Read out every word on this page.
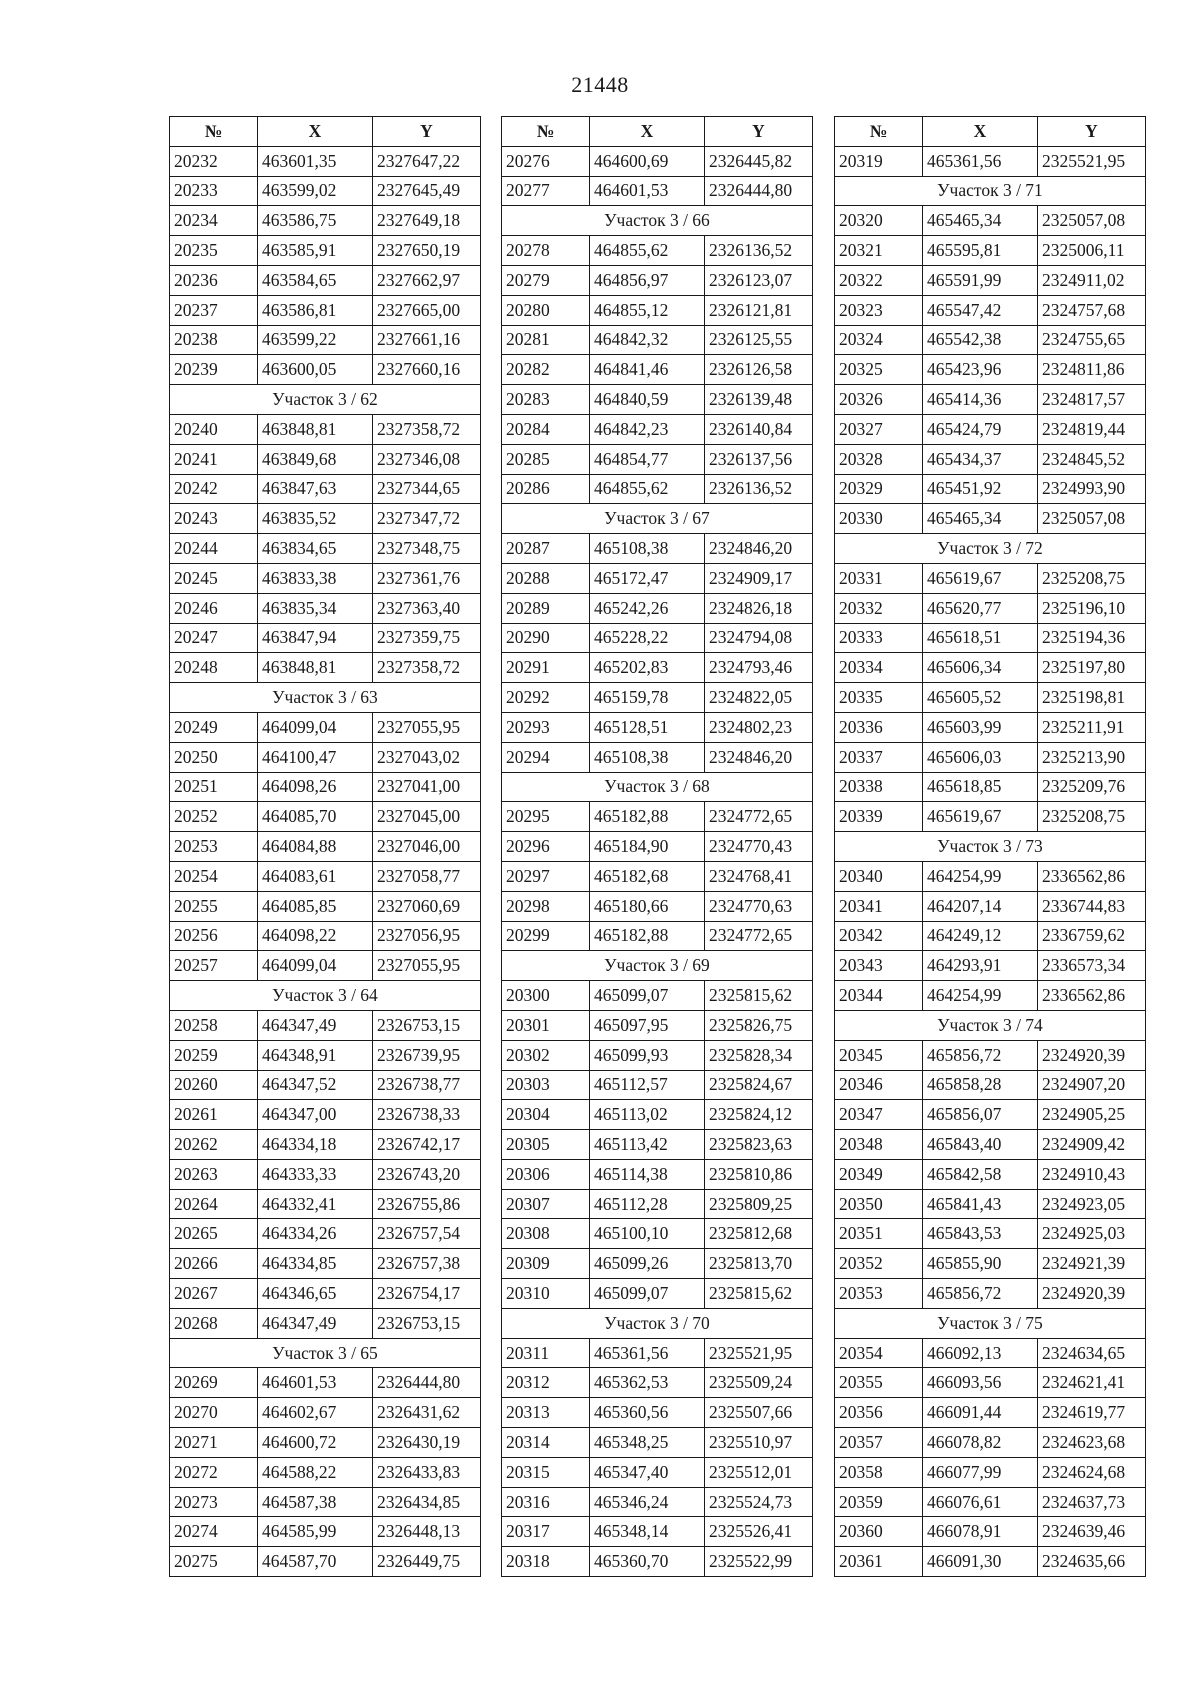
21448
№	X	Y
20232	463601,35	2327647,22
20233	463599,02	2327645,49
20234	463586,75	2327649,18
20235	463585,91	2327650,19
20236	463584,65	2327662,97
20237	463586,81	2327665,00
20238	463599,22	2327661,16
20239	463600,05	2327660,16
Участок 3 / 62		
20240	463848,81	2327358,72
20241	463849,68	2327346,08
20242	463847,63	2327344,65
20243	463835,52	2327347,72
20244	463834,65	2327348,75
20245	463833,38	2327361,76
20246	463835,34	2327363,40
20247	463847,94	2327359,75
20248	463848,81	2327358,72
Участок 3 / 63		
20249	464099,04	2327055,95
20250	464100,47	2327043,02
20251	464098,26	2327041,00
20252	464085,70	2327045,00
20253	464084,88	2327046,00
20254	464083,61	2327058,77
20255	464085,85	2327060,69
20256	464098,22	2327056,95
20257	464099,04	2327055,95
Участок 3 / 64		
20258	464347,49	2326753,15
20259	464348,91	2326739,95
20260	464347,52	2326738,77
20261	464347,00	2326738,33
20262	464334,18	2326742,17
20263	464333,33	2326743,20
20264	464332,41	2326755,86
20265	464334,26	2326757,54
20266	464334,85	2326757,38
20267	464346,65	2326754,17
20268	464347,49	2326753,15
Участок 3 / 65		
20269	464601,53	2326444,80
20270	464602,67	2326431,62
20271	464600,72	2326430,19
20272	464588,22	2326433,83
20273	464587,38	2326434,85
20274	464585,99	2326448,13
20275	464587,70	2326449,75
№	X	Y
20276	464600,69	2326445,82
20277	464601,53	2326444,80
Участок 3 / 66		
20278	464855,62	2326136,52
20279	464856,97	2326123,07
20280	464855,12	2326121,81
20281	464842,32	2326125,55
20282	464841,46	2326126,58
20283	464840,59	2326139,48
20284	464842,23	2326140,84
20285	464854,77	2326137,56
20286	464855,62	2326136,52
Участок 3 / 67		
20287	465108,38	2324846,20
20288	465172,47	2324909,17
20289	465242,26	2324826,18
20290	465228,22	2324794,08
20291	465202,83	2324793,46
20292	465159,78	2324822,05
20293	465128,51	2324802,23
20294	465108,38	2324846,20
Участок 3 / 68		
20295	465182,88	2324772,65
20296	465184,90	2324770,43
20297	465182,68	2324768,41
20298	465180,66	2324770,63
20299	465182,88	2324772,65
Участок 3 / 69		
20300	465099,07	2325815,62
20301	465097,95	2325826,75
20302	465099,93	2325828,34
20303	465112,57	2325824,67
20304	465113,02	2325824,12
20305	465113,42	2325823,63
20306	465114,38	2325810,86
20307	465112,28	2325809,25
20308	465100,10	2325812,68
20309	465099,26	2325813,70
20310	465099,07	2325815,62
Участок 3 / 70		
20311	465361,56	2325521,95
20312	465362,53	2325509,24
20313	465360,56	2325507,66
20314	465348,25	2325510,97
20315	465347,40	2325512,01
20316	465346,24	2325524,73
20317	465348,14	2325526,41
20318	465360,70	2325522,99
№	X	Y
20319	465361,56	2325521,95
Участок 3 / 71		
20320	465465,34	2325057,08
20321	465595,81	2325006,11
20322	465591,99	2324911,02
20323	465547,42	2324757,68
20324	465542,38	2324755,65
20325	465423,96	2324811,86
20326	465414,36	2324817,57
20327	465424,79	2324819,44
20328	465434,37	2324845,52
20329	465451,92	2324993,90
20330	465465,34	2325057,08
Участок 3 / 72		
20331	465619,67	2325208,75
20332	465620,77	2325196,10
20333	465618,51	2325194,36
20334	465606,34	2325197,80
20335	465605,52	2325198,81
20336	465603,99	2325211,91
20337	465606,03	2325213,90
20338	465618,85	2325209,76
20339	465619,67	2325208,75
Участок 3 / 73		
20340	464254,99	2336562,86
20341	464207,14	2336744,83
20342	464249,12	2336759,62
20343	464293,91	2336573,34
20344	464254,99	2336562,86
Участок 3 / 74		
20345	465856,72	2324920,39
20346	465858,28	2324907,20
20347	465856,07	2324905,25
20348	465843,40	2324909,42
20349	465842,58	2324910,43
20350	465841,43	2324923,05
20351	465843,53	2324925,03
20352	465855,90	2324921,39
20353	465856,72	2324920,39
Участок 3 / 75		
20354	466092,13	2324634,65
20355	466093,56	2324621,41
20356	466091,44	2324619,77
20357	466078,82	2324623,68
20358	466077,99	2324624,68
20359	466076,61	2324637,73
20360	466078,91	2324639,46
20361	466091,30	2324635,66
